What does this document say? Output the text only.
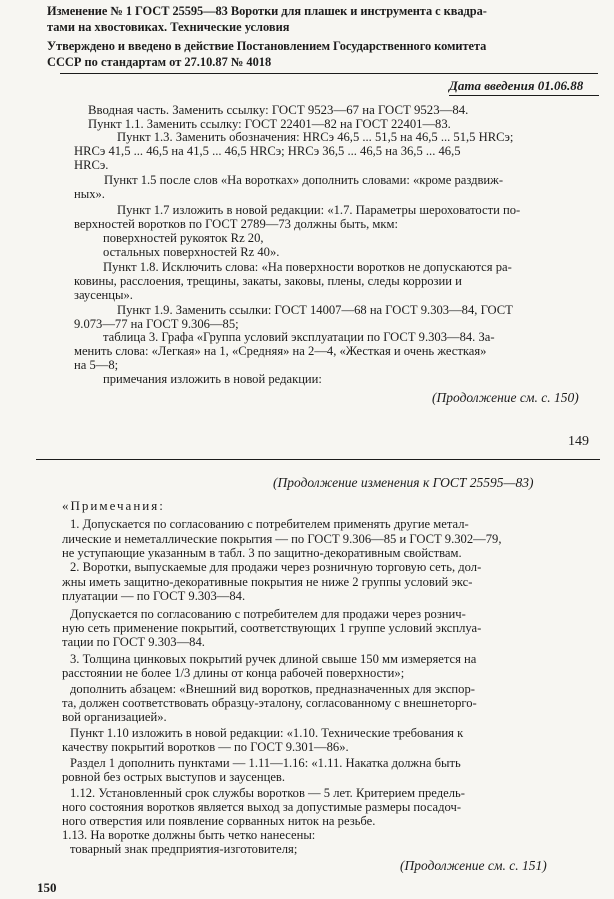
Изменение № 1 ГОСТ 25595—83 Воротки для плашек и инструмента с квадра-
тами на хвостовиках. Технические условия
Утверждено и введено в действие Постановлением Государственного комитета
СССР по стандартам от 27.10.87 № 4018
Дата введения 01.06.88
Вводная часть. Заменить ссылку: ГОСТ 9523—67 на ГОСТ 9523—84.
Пункт 1.1. Заменить ссылку: ГОСТ 22401—82 на ГОСТ 22401—83.
Пункт 1.3. Заменить обозначения: HRCэ 46,5 ... 51,5 на 46,5 ... 51,5 HRCэ;
HRCэ 41,5 ... 46,5 на 41,5 ... 46,5 HRCэ; HRCэ 36,5 ... 46,5 на 36,5 ... 46,5
HRCэ.
Пункт 1.5 после слов «На воротках» дополнить словами: «кроме раздвиж-
ных».
Пункт 1.7 изложить в новой редакции: «1.7. Параметры шероховатости по-
верхностей воротков по ГОСТ 2789—73 должны быть, мкм:
поверхностей рукояток Rz 20,
остальных поверхностей Rz 40».
Пункт 1.8. Исключить слова: «На поверхности воротков не допускаются ра-
ковины, расслоения, трещины, закаты, заковы, плены, следы коррозии и
заусенцы».
Пункт 1.9. Заменить ссылки: ГОСТ 14007—68 на ГОСТ 9.303—84, ГОСТ
9.073—77 на ГОСТ 9.306—85;
таблица 3. Графа «Группа условий эксплуатации по ГОСТ 9.303—84. За-
менить слова: «Легкая» на 1, «Средняя» на 2—4, «Жесткая и очень жесткая»
на 5—8;
примечания изложить в новой редакции:
(Продолжение см. с. 150)
149
(Продолжение изменения к ГОСТ 25595—83)
«Примечания:
1. Допускается по согласованию с потребителем применять другие метал-
лические и неметаллические покрытия — по ГОСТ 9.306—85 и ГОСТ 9.302—79,
не уступающие указанным в табл. 3 по защитно-декоративным свойствам.
2. Воротки, выпускаемые для продажи через розничную торговую сеть, дол-
жны иметь защитно-декоративные покрытия не ниже 2 группы условий экс-
плуатации — по ГОСТ 9.303—84.
Допускается по согласованию с потребителем для продажи через рознич-
ную сеть применение покрытий, соответствующих 1 группе условий эксплуа-
тации по ГОСТ 9.303—84.
3. Толщина цинковых покрытий ручек длиной свыше 150 мм измеряется на
расстоянии не более 1/3 длины от конца рабочей поверхности»;
дополнить абзацем: «Внешний вид воротков, предназначенных для экспор-
та, должен соответствовать образцу-эталону, согласованному с внешнеторго-
вой организацией».
Пункт 1.10 изложить в новой редакции: «1.10. Технические требования к
качеству покрытий воротков — по ГОСТ 9.301—86».
Раздел 1 дополнить пунктами — 1.11—1.16: «1.11. Накатка должна быть
ровной без острых выступов и заусенцев.
1.12. Установленный срок службы воротков — 5 лет. Критерием предель-
ного состояния воротков является выход за допустимые размеры посадоч-
ного отверстия или появление сорванных ниток на резьбе.
1.13. На воротке должны быть четко нанесены:
товарный знак предприятия-изготовителя;
(Продолжение см. с. 151)
150
